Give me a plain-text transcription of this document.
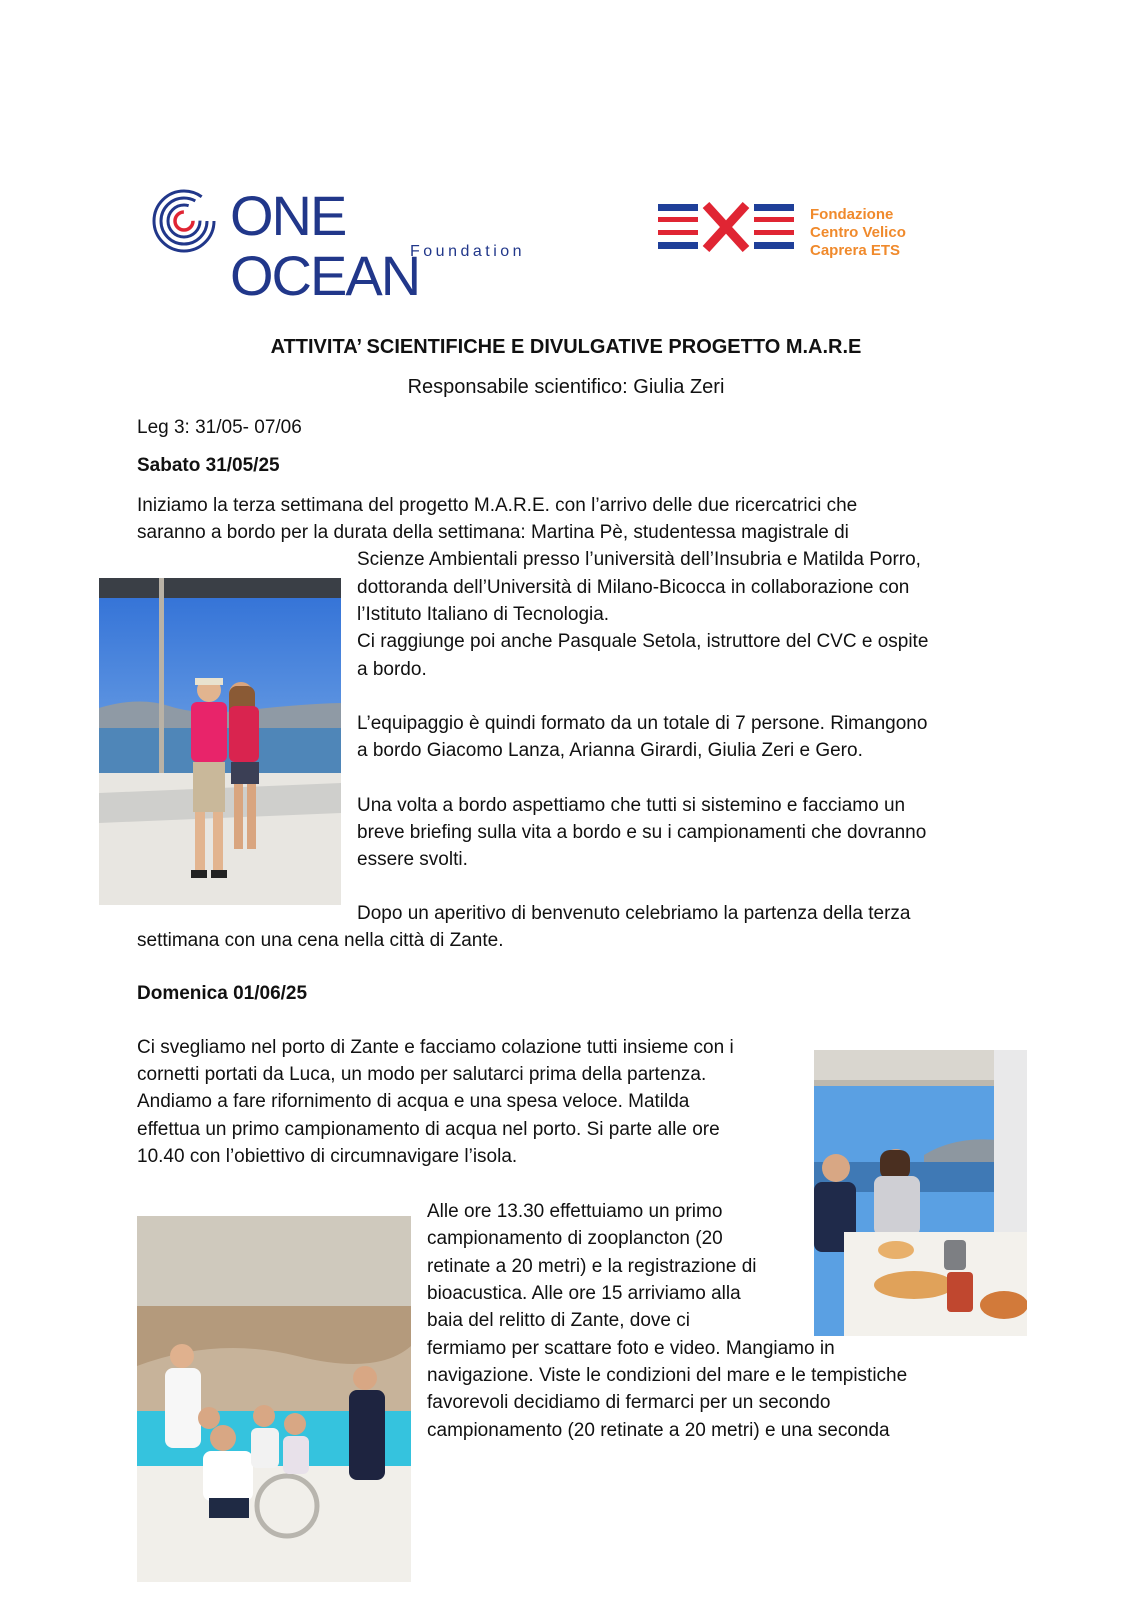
ONE OCEAN
Foundation
Fondazione
Centro Velico
Caprera ETS
ATTIVITA’ SCIENTIFICHE E DIVULGATIVE PROGETTO M.A.R.E
Responsabile scientifico: Giulia Zeri
Leg 3: 31/05- 07/06
Sabato 31/05/25
Iniziamo la terza settimana del progetto M.A.R.E. con l’arrivo delle due ricercatrici che
saranno a bordo per la durata della settimana: Martina Pè, studentessa magistrale di
Scienze Ambientali presso l’università dell’Insubria e Matilda Porro,
dottoranda dell’Università di Milano-Bicocca in collaborazione con
l’Istituto Italiano di Tecnologia.
Ci raggiunge poi anche Pasquale Setola, istruttore del CVC e ospite
a bordo.
L’equipaggio è quindi formato da un totale di 7 persone. Rimangono
a bordo Giacomo Lanza, Arianna Girardi, Giulia Zeri e Gero.
Una volta a bordo aspettiamo che tutti si sistemino e facciamo un
breve briefing sulla vita a bordo e su i campionamenti che dovranno
essere svolti.
Dopo un aperitivo di benvenuto celebriamo la partenza della terza
settimana con una cena nella città di Zante.
Domenica 01/06/25
Ci svegliamo nel porto di Zante e facciamo colazione tutti insieme con i
cornetti portati da Luca, un modo per salutarci prima della partenza.
Andiamo a fare rifornimento di acqua e una spesa veloce. Matilda
effettua un primo campionamento di acqua nel porto. Si parte alle ore
10.40 con l’obiettivo di circumnavigare l’isola.
Alle ore 13.30 effettuiamo un primo
campionamento di zooplancton (20
retinate a 20 metri) e la registrazione di
bioacustica. Alle ore 15 arriviamo alla
baia del relitto di Zante, dove ci
fermiamo per scattare foto e video. Mangiamo in
navigazione. Viste le condizioni del mare e le tempistiche
favorevoli decidiamo di fermarci per un secondo
campionamento (20 retinate a 20 metri) e una seconda
